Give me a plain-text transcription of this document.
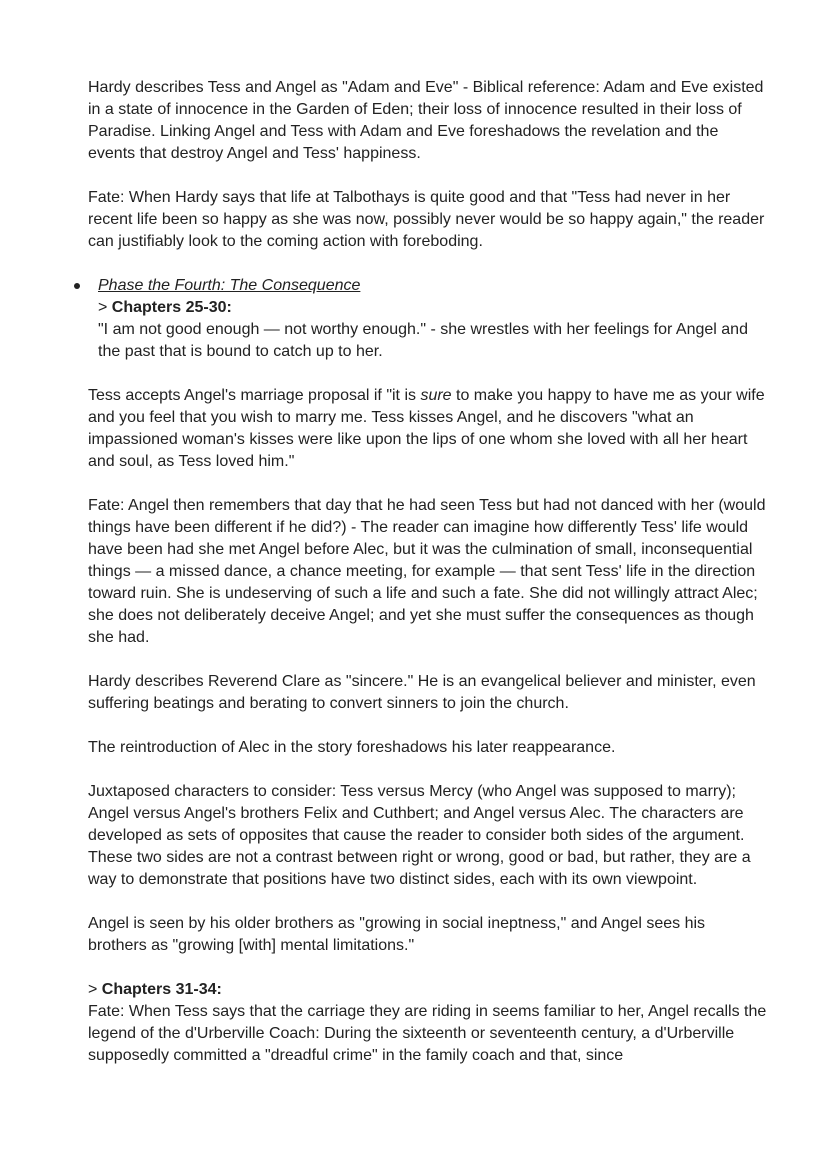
Hardy describes Tess and Angel as "Adam and Eve" - Biblical reference: Adam and Eve existed in a state of innocence in the Garden of Eden; their loss of innocence resulted in their loss of Paradise. Linking Angel and Tess with Adam and Eve foreshadows the revelation and the events that destroy Angel and Tess' happiness.

Fate: When Hardy says that life at Talbothays is quite good and that "Tess had never in her recent life been so happy as she was now, possibly never would be so happy again," the reader can justifiably look to the coming action with foreboding.

Phase the Fourth: The Consequence

> Chapters 25-30:

"I am not good enough — not worthy enough." - she wrestles with her feelings for Angel and the past that is bound to catch up to her.

Tess accepts Angel's marriage proposal if "it is sure to make you happy to have me as your wife and you feel that you wish to marry me. Tess kisses Angel, and he discovers "what an impassioned woman's kisses were like upon the lips of one whom she loved with all her heart and soul, as Tess loved him."

Fate: Angel then remembers that day that he had seen Tess but had not danced with her (would things have been different if he did?) - The reader can imagine how differently Tess' life would have been had she met Angel before Alec, but it was the culmination of small, inconsequential things — a missed dance, a chance meeting, for example — that sent Tess' life in the direction toward ruin. She is undeserving of such a life and such a fate. She did not willingly attract Alec; she does not deliberately deceive Angel; and yet she must suffer the consequences as though she had.

Hardy describes Reverend Clare as "sincere." He is an evangelical believer and minister, even suffering beatings and berating to convert sinners to join the church.

The reintroduction of Alec in the story foreshadows his later reappearance.

Juxtaposed characters to consider: Tess versus Mercy (who Angel was supposed to marry); Angel versus Angel's brothers Felix and Cuthbert; and Angel versus Alec. The characters are developed as sets of opposites that cause the reader to consider both sides of the argument. These two sides are not a contrast between right or wrong, good or bad, but rather, they are a way to demonstrate that positions have two distinct sides, each with its own viewpoint.

Angel is seen by his older brothers as "growing in social ineptness," and Angel sees his brothers as "growing [with] mental limitations."

> Chapters 31-34:

Fate: When Tess says that the carriage they are riding in seems familiar to her, Angel recalls the legend of the d'Urberville Coach: During the sixteenth or seventeenth century, a d'Urberville supposedly committed a "dreadful crime" in the family coach and that, since
